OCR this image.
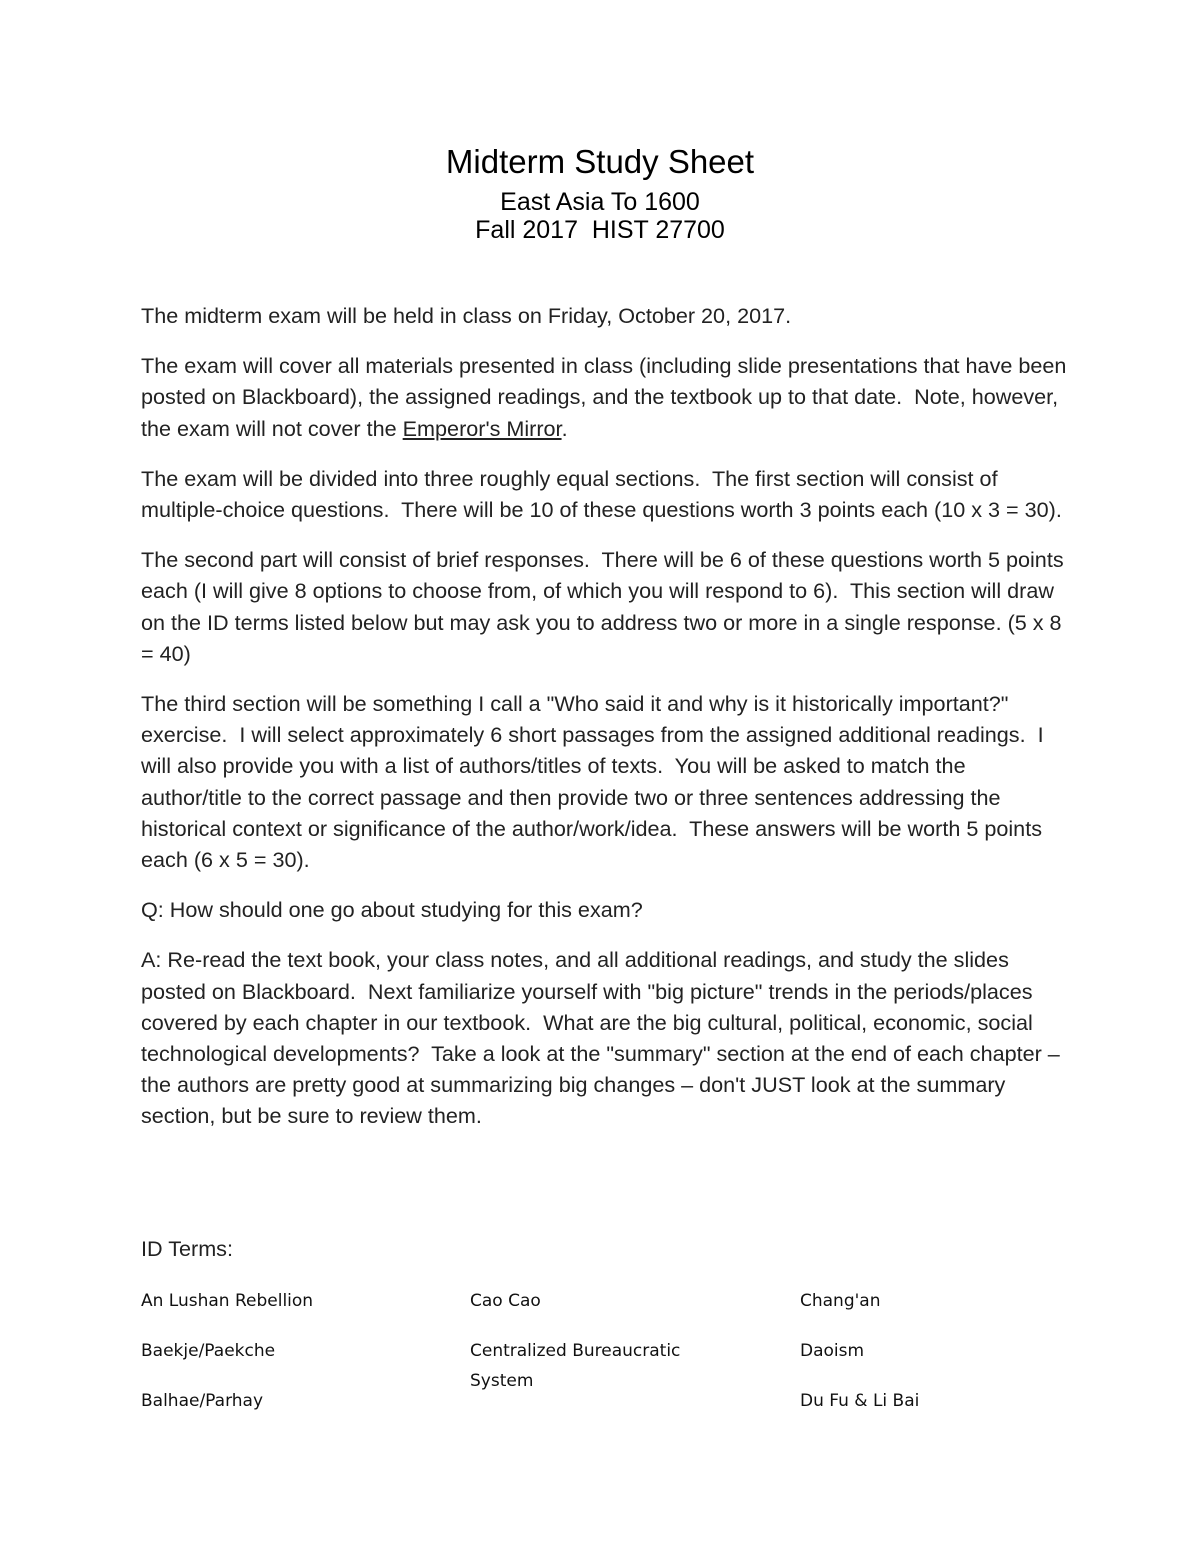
Midterm Study Sheet
East Asia To 1600
Fall 2017  HIST 27700

The midterm exam will be held in class on Friday, October 20, 2017.

The exam will cover all materials presented in class (including slide presentations that have been posted on Blackboard), the assigned readings, and the textbook up to that date.  Note, however, the exam will not cover the Emperor's Mirror.

The exam will be divided into three roughly equal sections.  The first section will consist of multiple-choice questions.  There will be 10 of these questions worth 3 points each (10 x 3 = 30).

The second part will consist of brief responses.  There will be 6 of these questions worth 5 points each (I will give 8 options to choose from, of which you will respond to 6).  This section will draw on the ID terms listed below but may ask you to address two or more in a single response. (5 x 8 = 40)

The third section will be something I call a "Who said it and why is it historically important?" exercise.  I will select approximately 6 short passages from the assigned additional readings.  I will also provide you with a list of authors/titles of texts.  You will be asked to match the author/title to the correct passage and then provide two or three sentences addressing the historical context or significance of the author/work/idea.  These answers will be worth 5 points each (6 x 5 = 30).

Q: How should one go about studying for this exam?

A: Re-read the text book, your class notes, and all additional readings, and study the slides posted on Blackboard.  Next familiarize yourself with "big picture" trends in the periods/places covered by each chapter in our textbook.  What are the big cultural, political, economic, social technological developments?  Take a look at the "summary" section at the end of each chapter – the authors are pretty good at summarizing big changes – don't JUST look at the summary section, but be sure to review them.

ID Terms:
An Lushan Rebellion
Baekje/Paekche
Balhae/Parhay
Cao Cao
Centralized Bureaucratic System
Chang'an
Daoism
Du Fu & Li Bai
